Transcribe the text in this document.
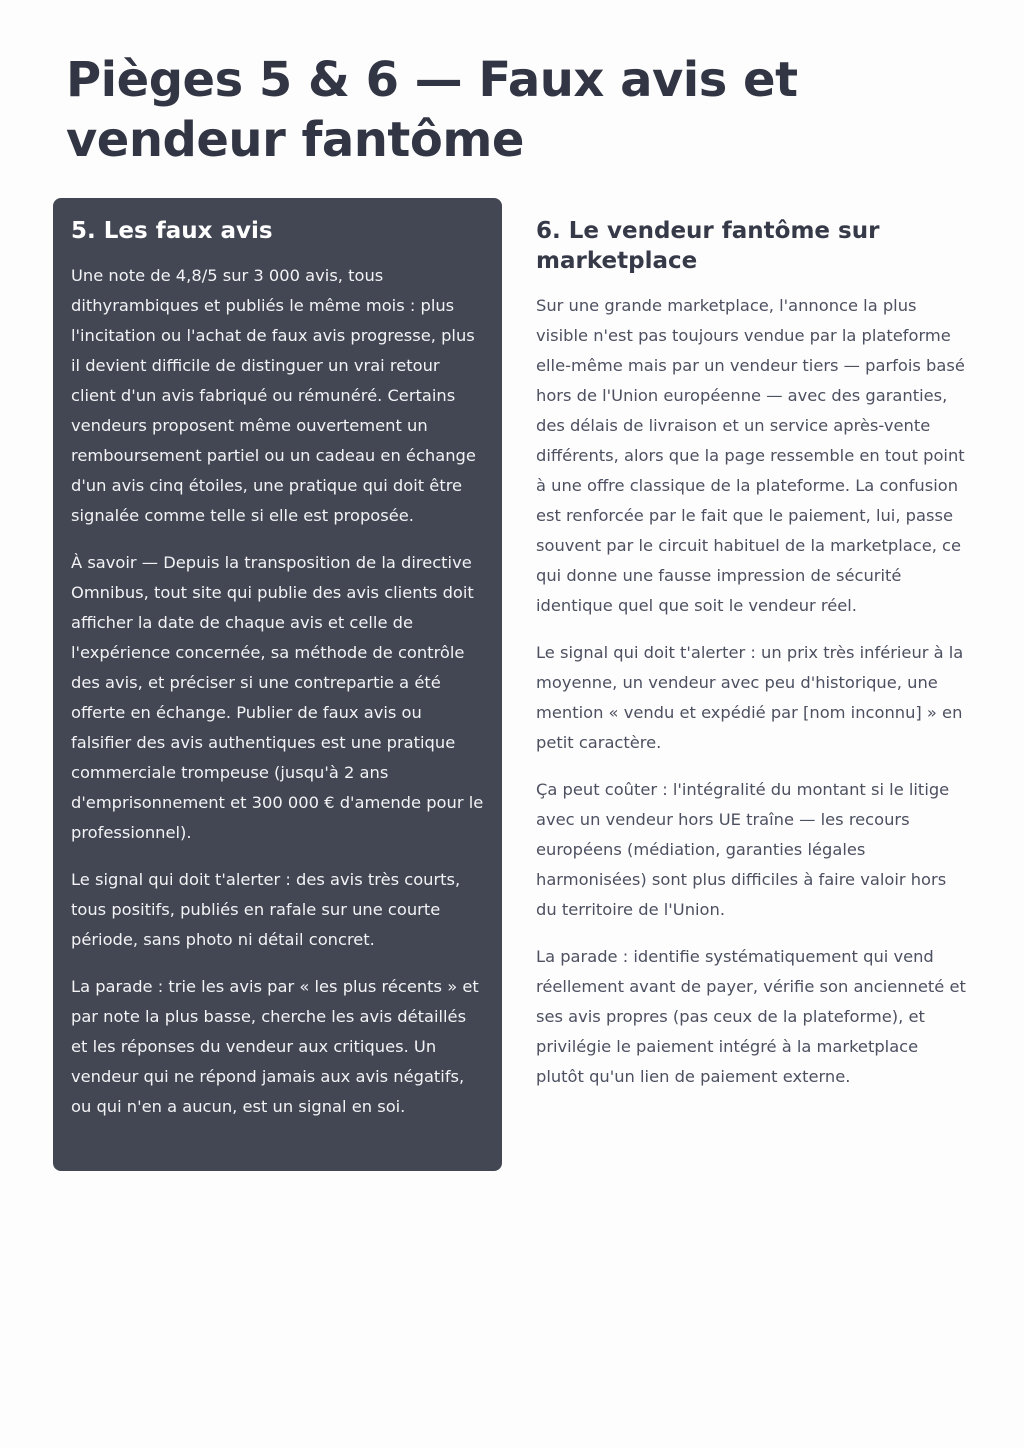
Pièges 5 & 6 — Faux avis et vendeur fantôme
5. Les faux avis

Une note de 4,8/5 sur 3 000 avis, tous dithyrambiques et publiés le même mois : plus l'incitation ou l'achat de faux avis progresse, plus il devient difficile de distinguer un vrai retour client d'un avis fabriqué ou rémunéré. Certains vendeurs proposent même ouvertement un remboursement partiel ou un cadeau en échange d'un avis cinq étoiles, une pratique qui doit être signalée comme telle si elle est proposée.

À savoir — Depuis la transposition de la directive Omnibus, tout site qui publie des avis clients doit afficher la date de chaque avis et celle de l'expérience concernée, sa méthode de contrôle des avis, et préciser si une contrepartie a été offerte en échange. Publier de faux avis ou falsifier des avis authentiques est une pratique commerciale trompeuse (jusqu'à 2 ans d'emprisonnement et 300 000 € d'amende pour le professionnel).

Le signal qui doit t'alerter : des avis très courts, tous positifs, publiés en rafale sur une courte période, sans photo ni détail concret.

La parade : trie les avis par « les plus récents » et par note la plus basse, cherche les avis détaillés et les réponses du vendeur aux critiques. Un vendeur qui ne répond jamais aux avis négatifs, ou qui n'en a aucun, est un signal en soi.

6. Le vendeur fantôme sur marketplace

Sur une grande marketplace, l'annonce la plus visible n'est pas toujours vendue par la plateforme elle-même mais par un vendeur tiers — parfois basé hors de l'Union européenne — avec des garanties, des délais de livraison et un service après-vente différents, alors que la page ressemble en tout point à une offre classique de la plateforme. La confusion est renforcée par le fait que le paiement, lui, passe souvent par le circuit habituel de la marketplace, ce qui donne une fausse impression de sécurité identique quel que soit le vendeur réel.

Le signal qui doit t'alerter : un prix très inférieur à la moyenne, un vendeur avec peu d'historique, une mention « vendu et expédié par [nom inconnu] » en petit caractère.

Ça peut coûter : l'intégralité du montant si le litige avec un vendeur hors UE traîne — les recours européens (médiation, garanties légales harmonisées) sont plus difficiles à faire valoir hors du territoire de l'Union.

La parade : identifie systématiquement qui vend réellement avant de payer, vérifie son ancienneté et ses avis propres (pas ceux de la plateforme), et privilégie le paiement intégré à la marketplace plutôt qu'un lien de paiement externe.
